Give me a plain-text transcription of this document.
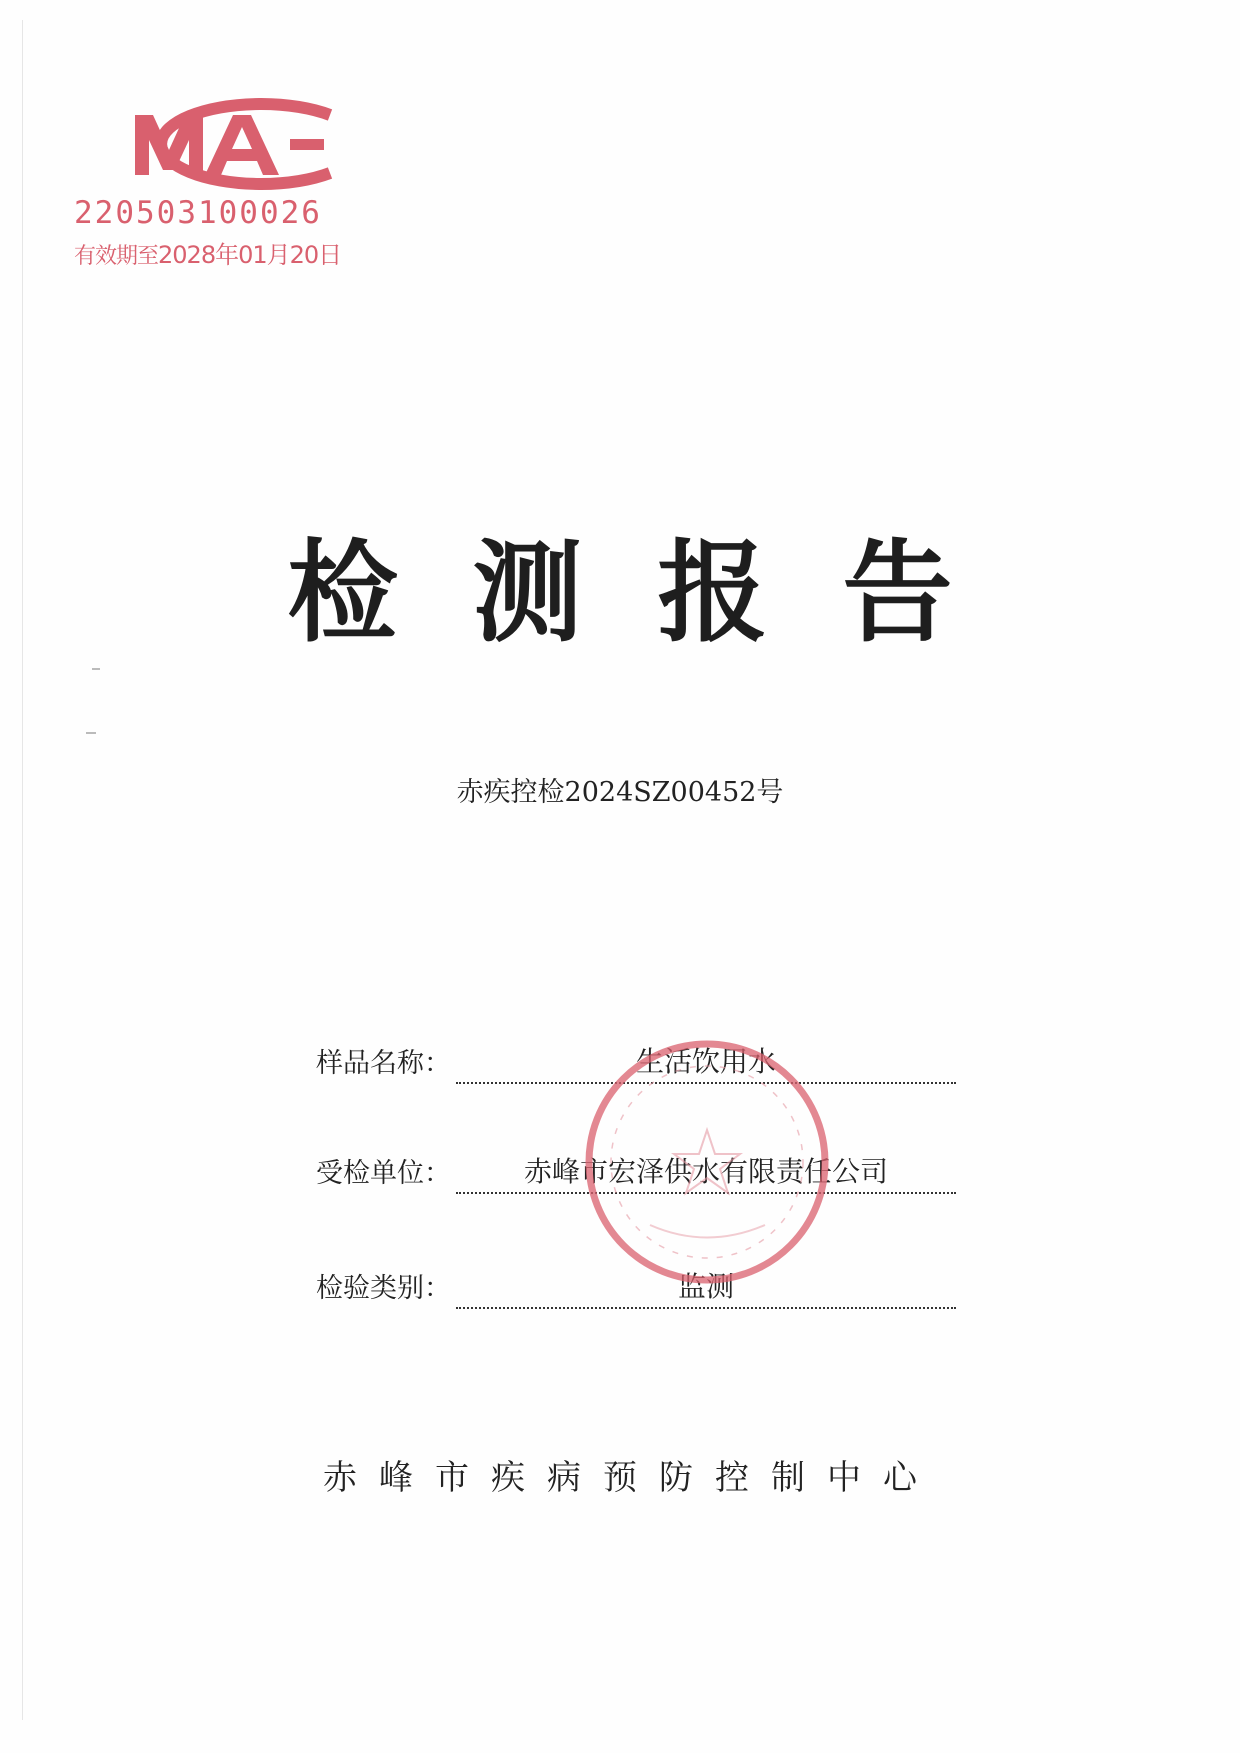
220503100026
有效期至2028年01月20日
检测报告
赤疾控检2024SZ00452号
样品名称：	生活饮用水
受检单位：	赤峰市宏泽供水有限责任公司
检验类别：	监测
赤峰市疾病预防控制中心
